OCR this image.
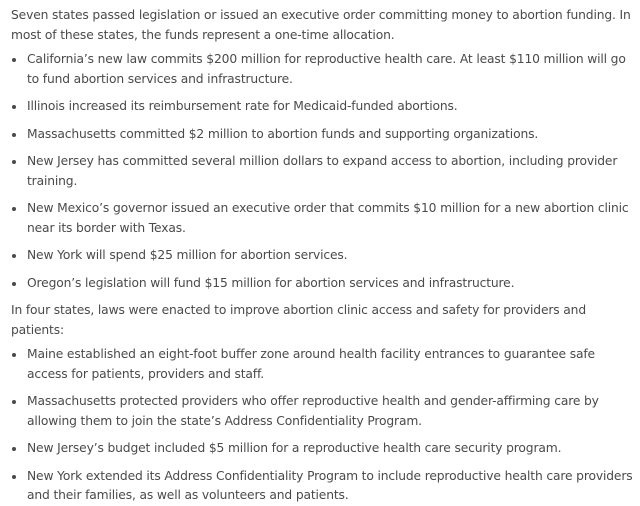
Seven states passed legislation or issued an executive order committing money to abortion funding. In most of these states, the funds represent a one-time allocation.

California’s new law commits $200 million for reproductive health care. At least $110 million will go to fund abortion services and infrastructure.
Illinois increased its reimbursement rate for Medicaid-funded abortions.
Massachusetts committed $2 million to abortion funds and supporting organizations.
New Jersey has committed several million dollars to expand access to abortion, including provider training.
New Mexico’s governor issued an executive order that commits $10 million for a new abortion clinic near its border with Texas.
New York will spend $25 million for abortion services.
Oregon’s legislation will fund $15 million for abortion services and infrastructure.

In four states, laws were enacted to improve abortion clinic access and safety for providers and patients:

Maine established an eight-foot buffer zone around health facility entrances to guarantee safe access for patients, providers and staff.
Massachusetts protected providers who offer reproductive health and gender-affirming care by allowing them to join the state’s Address Confidentiality Program.
New Jersey’s budget included $5 million for a reproductive health care security program.
New York extended its Address Confidentiality Program to include reproductive health care providers and their families, as well as volunteers and patients.
